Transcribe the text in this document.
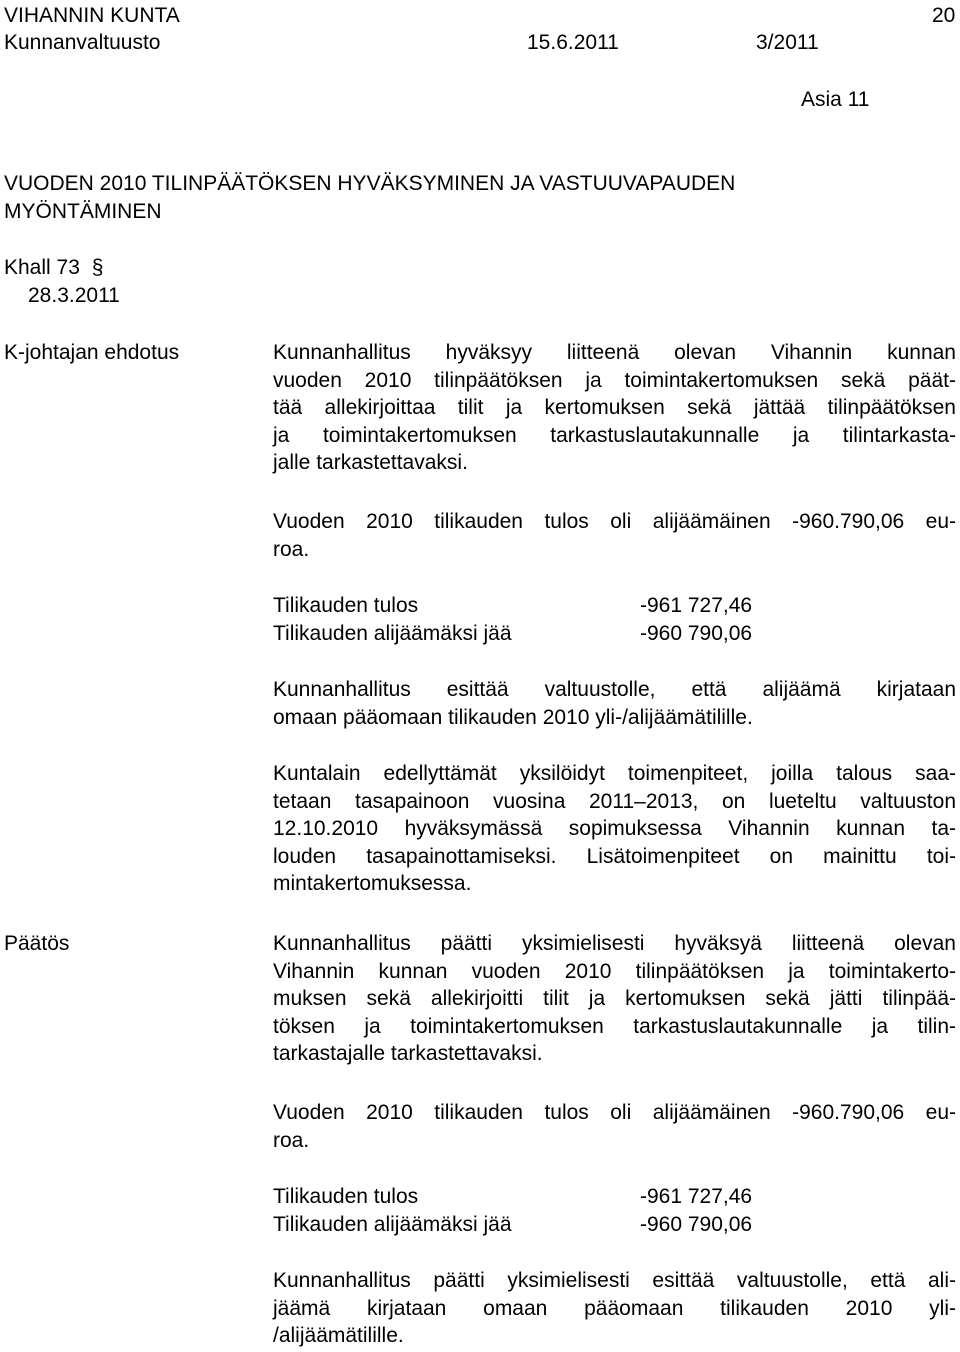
VIHANNIN KUNTA	20
Kunnanvaltuusto	15.6.2011	3/2011
Asia 11
VUODEN 2010 TILINPÄÄTÖKSEN HYVÄKSYMINEN JA VASTUUVAPAUDEN
MYÖNTÄMINEN
Khall 73 §
28.3.2011
K-johtajan ehdotus	Kunnanhallitus hyväksyy liitteenä olevan Vihannin kunnan
vuoden 2010 tilinpäätöksen ja toimintakertomuksen sekä päät-
tää allekirjoittaa tilit ja kertomuksen sekä jättää tilinpäätöksen
ja toimintakertomuksen tarkastuslautakunnalle ja tilintarkasta-
jalle tarkastettavaksi.
Vuoden 2010 tilikauden tulos oli alijäämäinen -960.790,06 eu-
roa.
Tilikauden tulos	-961 727,46
Tilikauden alijäämäksi jää	-960 790,06
Kunnanhallitus esittää valtuustolle, että alijäämä kirjataan
omaan pääomaan tilikauden 2010 yli-/alijäämätilille.
Kuntalain edellyttämät yksilöidyt toimenpiteet, joilla talous saa-
tetaan tasapainoon vuosina 2011–2013, on lueteltu valtuuston
12.10.2010 hyväksymässä sopimuksessa Vihannin kunnan ta-
louden tasapainottamiseksi. Lisätoimenpiteet on mainittu toi-
mintakertomuksessa.
Päätös	Kunnanhallitus päätti yksimielisesti hyväksyä liitteenä olevan
Vihannin kunnan vuoden 2010 tilinpäätöksen ja toimintakerto-
muksen sekä allekirjoitti tilit ja kertomuksen sekä jätti tilinpää-
töksen ja toimintakertomuksen tarkastuslautakunnalle ja tilin-
tarkastajalle tarkastettavaksi.
Vuoden 2010 tilikauden tulos oli alijäämäinen -960.790,06 eu-
roa.
Tilikauden tulos	-961 727,46
Tilikauden alijäämäksi jää	-960 790,06
Kunnanhallitus päätti yksimielisesti esittää valtuustolle, että ali-
jäämä kirjataan omaan pääomaan tilikauden 2010 yli-
/alijäämätilille.
